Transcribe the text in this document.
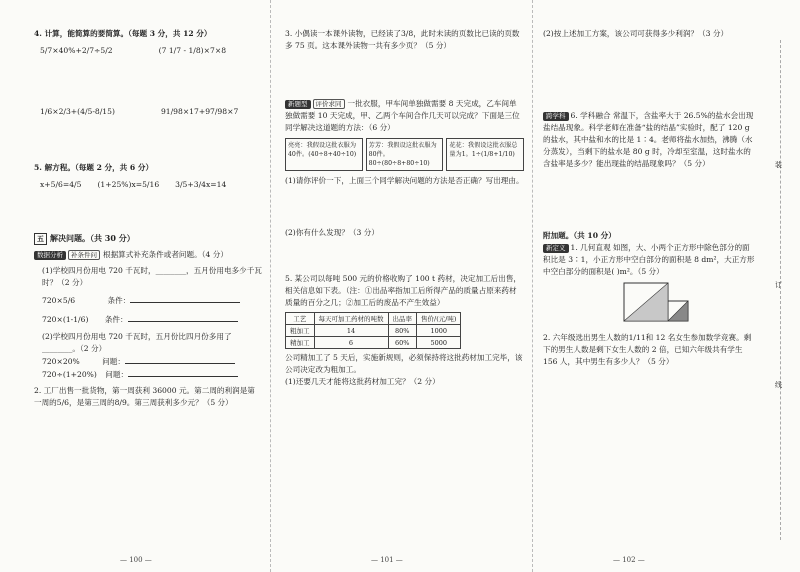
4. 计算，能简算的要简算。（每题 3 分，共 12 分）

5/7×40%+2/7÷5/2	(7 1/7 - 1/8)×7×8
1/6×2/3+(4/5-8/15)	91/98×17+97/98×7

5. 解方程。（每题 2 分，共 6 分）

x+5/6=4/5 (1+25%)x=5/16 3/5+3/4x=14
五 解决问题。（共 30 分）

数据分析 补条件问 根据算式补充条件或者问题。（4 分）

(1)学校四月份用电 720 千瓦时，________，五月份用电多少千瓦时？（2 分）

720×5/6	条件：

720×(1-1/6) 条件：

(2)学校四月份用电 720 千瓦时，五月份比四月份多用了________。（2 分）

720×20%	问题：

720÷(1+20%) 问题：

2. 工厂出售一批货物，第一周获利 36000 元。第二周的利润是第一周的5/6，是第三周的8/9。第三周获利多少元？（5 分）

— 100 —

3. 小偶读一本课外读物，已经读了3/8，此时未读的页数比已读的页数多 75 页。这本课外读物一共有多少页？（5 分）

新题型 评价求同 一批衣服，甲车间单独做需要 8 天完成，乙车间单独做需要 10 天完成，甲、乙两个车间合作几天可以完成？下面是三位同学解决这道题的方法：（6 分）

亮亮：我假设这批衣服为40件。(40÷8+40÷10)
芳芳：我假设这批衣服为80件。80÷(80÷8+80÷10)
花花：我假设这批衣服总量为1。1÷(1/8+1/10)

(1)请你评价一下，上面三个同学解决问题的方法是否正确？写出理由。

(2)你有什么发现？（3 分）

5. 某公司以每吨 500 元的价格收购了 100 t 药材，决定加工后出售，相关信息如下表。（注：①出品率指加工后所得产品的质量占原来药材质量的百分之几；②加工后的废品不产生效益）

工艺	每天可加工药材的吨数	出品率	售价/(元/吨)
粗加工	14	80%	1000
精加工	6	60%	5000

公司精加工了 5 天后，实施新规则，必须保持将这批药材加工完毕，该公司决定改为粗加工。

(1)还要几天才能将这批药材加工完？（2 分）

— 101 —

(2)按上述加工方案，该公司可获得多少利润？（3 分）

跨学科 6. 学科融合 常温下，含盐率大于 26.5%的盐水会出现盐结晶现象。科学老师在准备“盐的结晶”实验时，配了 120 g 的盐水，其中盐和水的比是 1∶4。老师将盐水加热，沸腾（水分蒸发），当剩下的盐水是 80 g 时，冷却至室温，这时盐水的含盐率是多少？能出现盐的结晶现象吗？（5 分）

附加题。（共 10 分）

新定义 1. 几何直观 如图，大、小两个正方形中除色部分的面积比是 3∶1，小正方形中空白部分的面积是 8 dm²，大正方形中空白部分的面积是( )m²。（5 分）

2. 六年级选出男生人数的1/11和 12 名女生参加数学竞赛。剩下的男生人数是剩下女生人数的 2 倍，已知六年级共有学生 156 人，其中男生有多少人？（5 分）

— 102 —
装
订
线
